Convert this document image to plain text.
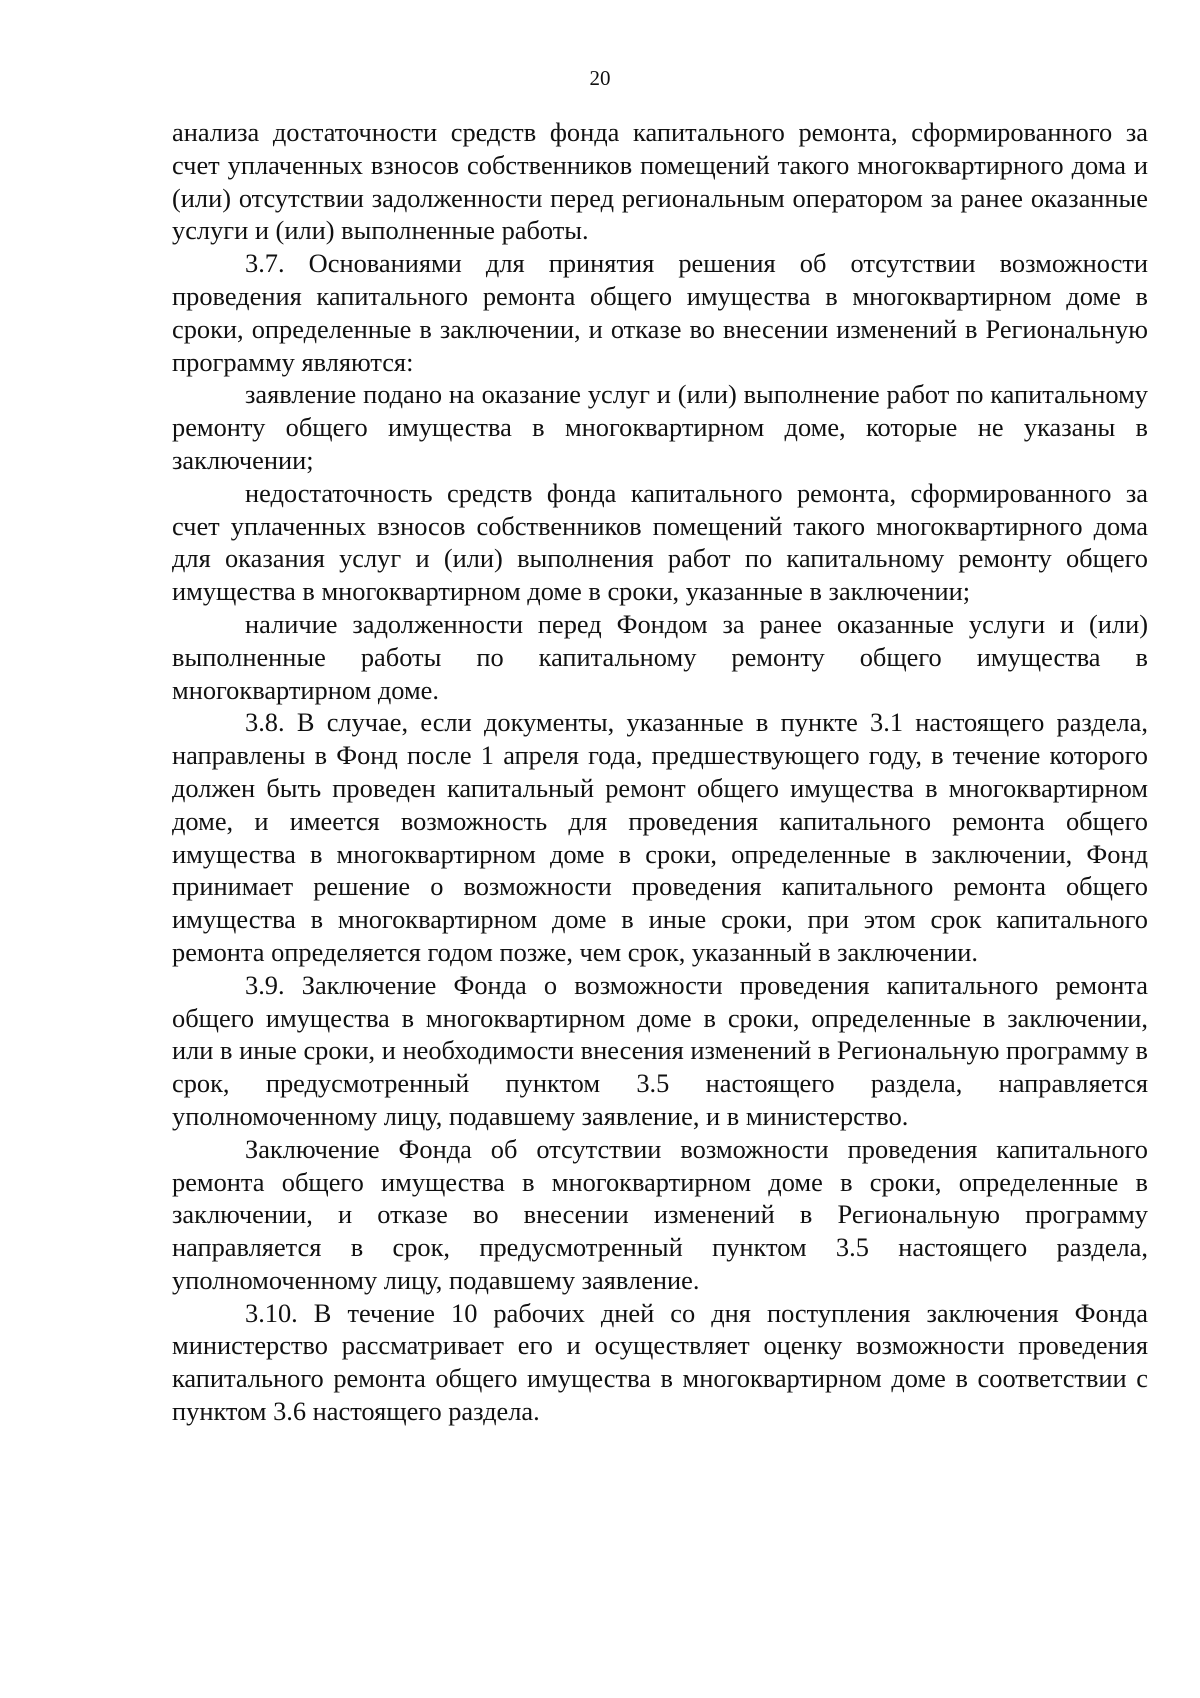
20

анализа достаточности средств фонда капитального ремонта, сформированного за счет уплаченных взносов собственников помещений такого многоквартирного дома и (или) отсутствии задолженности перед региональным оператором за ранее оказанные услуги и (или) выполненные работы.

3.7. Основаниями для принятия решения об отсутствии возможности проведения капитального ремонта общего имущества в многоквартирном доме в сроки, определенные в заключении, и отказе во внесении изменений в Региональную программу являются:

заявление подано на оказание услуг и (или) выполнение работ по капитальному ремонту общего имущества в многоквартирном доме, которые не указаны в заключении;

недостаточность средств фонда капитального ремонта, сформированного за счет уплаченных взносов собственников помещений такого многоквартирного дома для оказания услуг и (или) выполнения работ по капитальному ремонту общего имущества в многоквартирном доме в сроки, указанные в заключении;

наличие задолженности перед Фондом за ранее оказанные услуги и (или) выполненные работы по капитальному ремонту общего имущества в многоквартирном доме.

3.8. В случае, если документы, указанные в пункте 3.1 настоящего раздела, направлены в Фонд после 1 апреля года, предшествующего году, в течение которого должен быть проведен капитальный ремонт общего имущества в многоквартирном доме, и имеется возможность для проведения капитального ремонта общего имущества в многоквартирном доме в сроки, определенные в заключении, Фонд принимает решение о возможности проведения капитального ремонта общего имущества в многоквартирном доме в иные сроки, при этом срок капитального ремонта определяется годом позже, чем срок, указанный в заключении.

3.9. Заключение Фонда о возможности проведения капитального ремонта общего имущества в многоквартирном доме в сроки, определенные в заключении, или в иные сроки, и необходимости внесения изменений в Региональную программу в срок, предусмотренный пунктом 3.5 настоящего раздела, направляется уполномоченному лицу, подавшему заявление, и в министерство.

Заключение Фонда об отсутствии возможности проведения капитального ремонта общего имущества в многоквартирном доме в сроки, определенные в заключении, и отказе во внесении изменений в Региональную программу направляется в срок, предусмотренный пунктом 3.5 настоящего раздела, уполномоченному лицу, подавшему заявление.

3.10. В течение 10 рабочих дней со дня поступления заключения Фонда министерство рассматривает его и осуществляет оценку возможности проведения капитального ремонта общего имущества в многоквартирном доме в соответствии с пунктом 3.6 настоящего раздела.
